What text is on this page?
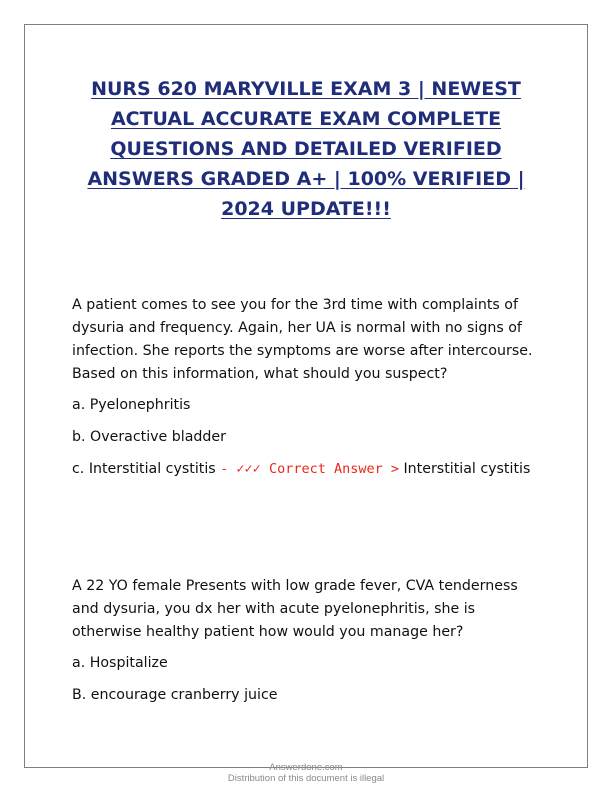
NURS 620 MARYVILLE EXAM 3 | NEWEST ACTUAL ACCURATE EXAM COMPLETE QUESTIONS AND DETAILED VERIFIED ANSWERS GRADED A+ | 100% VERIFIED | 2024 UPDATE!!!
A patient comes to see you for the 3rd time with complaints of dysuria and frequency. Again, her UA is normal with no signs of infection. She reports the symptoms are worse after intercourse. Based on this information, what should you suspect?
a. Pyelonephritis
b. Overactive bladder
c. Interstitial cystitis - ✓✓✓ Correct Answer > Interstitial cystitis
A 22 YO female Presents with low grade fever, CVA tenderness and dysuria, you dx her with acute pyelonephritis, she is otherwise healthy patient how would you manage her?
a. Hospitalize
B. encourage cranberry juice
Answerdone.com
Distribution of this document is illegal
